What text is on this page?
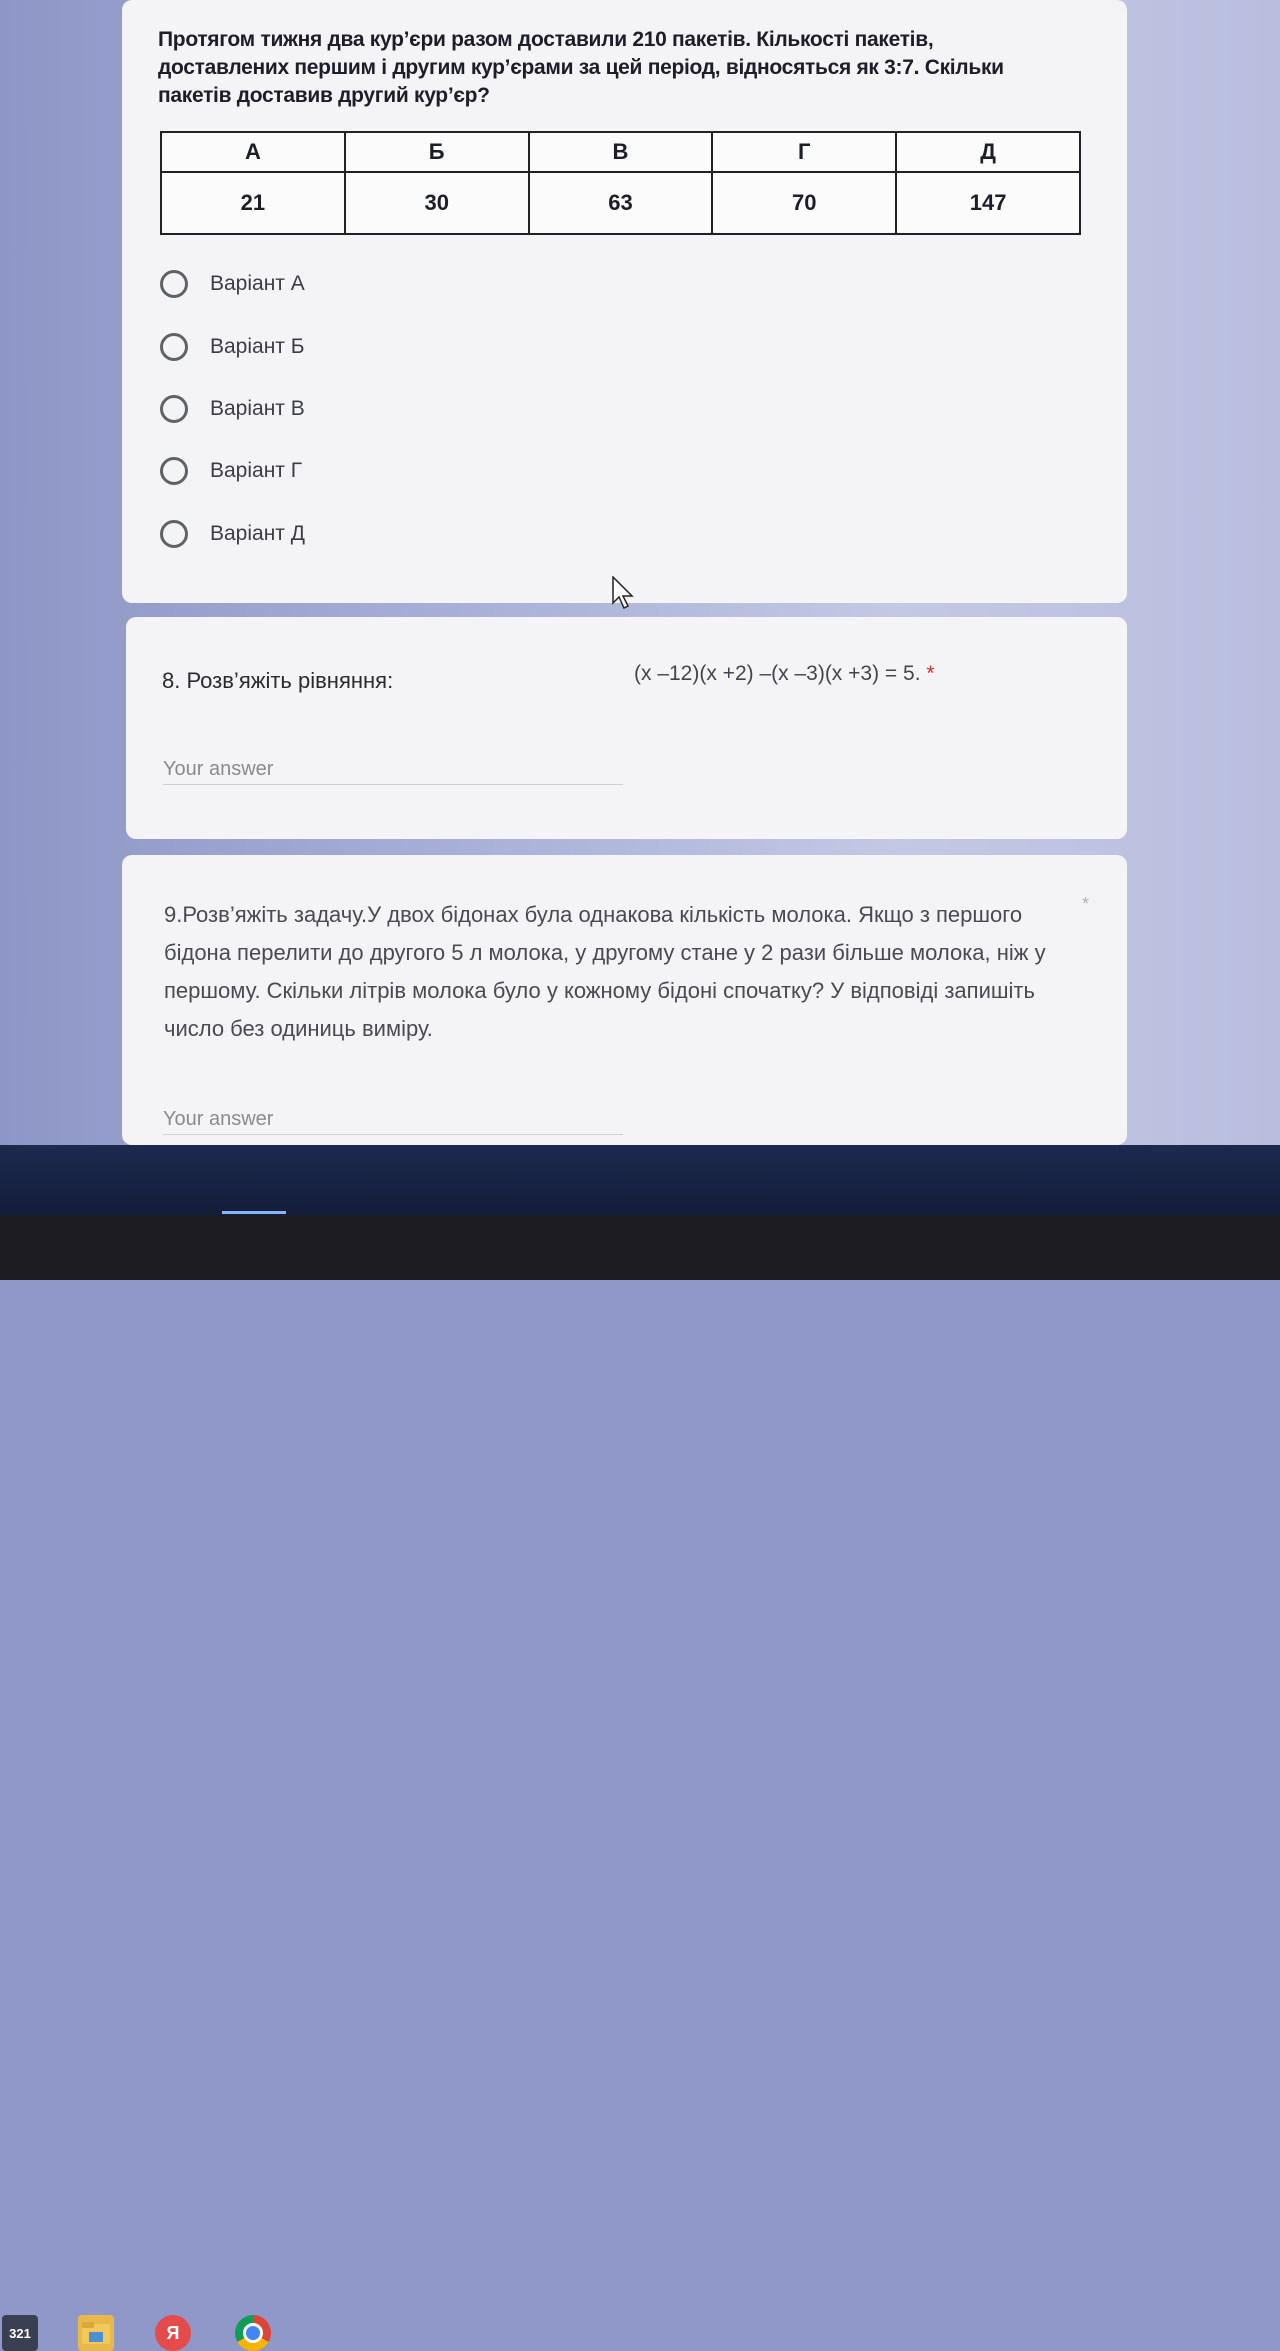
Протягом тижня два кур’єри разом доставили 210 пакетів. Кількості пакетів, доставлених першим і другим кур’єрами за цей період, відносяться як 3:7. Скільки пакетів доставив другий кур’єр?
А	Б	В	Г	Д
21	30	63	70	147
Варіант А
Варіант Б
Варіант В
Варіант Г
Варіант Д
8. Розв’яжіть рівняння:	(x –12)(x +2) –(x –3)(x +3) = 5. *
Your answer
9.Розв’яжіть задачу.У двох бідонах була однакова кількість молока. Якщо з першого бідона перелити до другого 5 л молока, у другому стане у 2 рази більше молока, ніж у першому. Скільки літрів молока було у кожному бідоні спочатку? У відповіді запишіть число без одиниць виміру.
*
Your answer
321	Я
